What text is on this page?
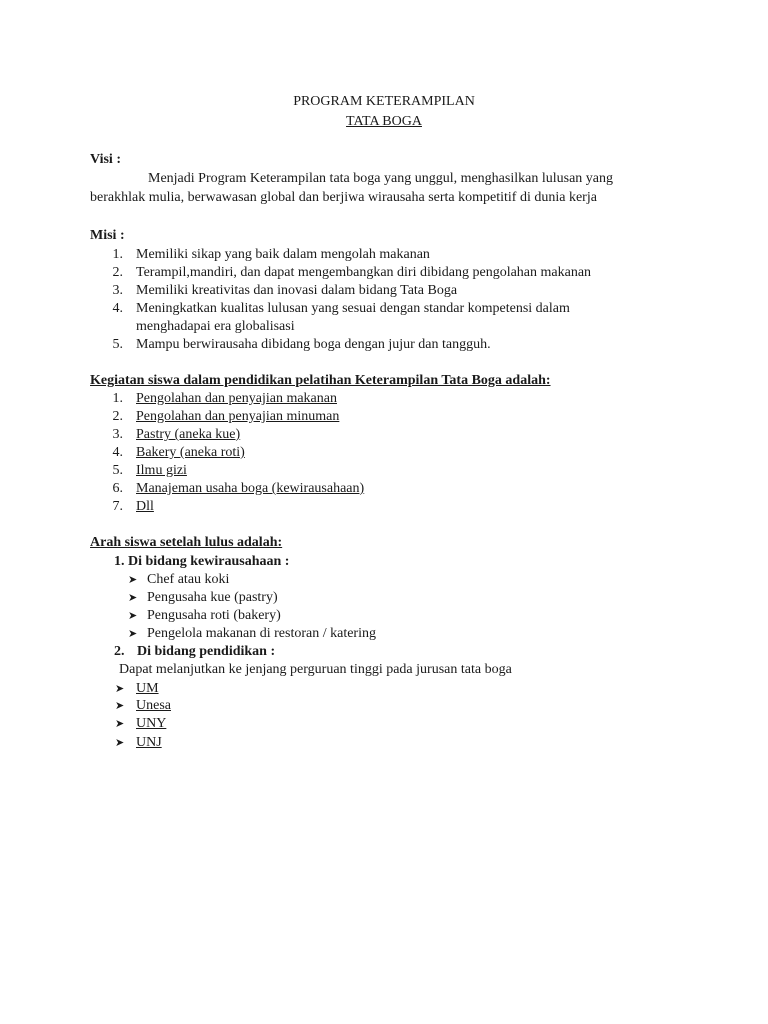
PROGRAM KETERAMPILAN
TATA BOGA
Visi :
Menjadi Program Keterampilan tata boga yang unggul, menghasilkan lulusan yang
berakhlak mulia, berwawasan global dan berjiwa wirausaha serta kompetitif di dunia kerja
Misi :
1. Memiliki sikap yang baik dalam mengolah makanan
2. Terampil,mandiri, dan dapat mengembangkan diri dibidang pengolahan makanan
3. Memiliki kreativitas dan inovasi dalam bidang Tata Boga
4. Meningkatkan kualitas lulusan yang sesuai dengan standar kompetensi dalam
menghadapai era globalisasi
5. Mampu berwirausaha dibidang boga dengan jujur dan tangguh.
Kegiatan siswa dalam pendidikan pelatihan Keterampilan Tata Boga adalah:
1. Pengolahan dan penyajian makanan
2. Pengolahan dan penyajian minuman
3. Pastry (aneka kue)
4. Bakery (aneka roti)
5. Ilmu gizi
6. Manajeman usaha boga (kewirausahaan)
7. Dll
Arah siswa setelah lulus adalah:
1. Di bidang kewirausahaan :
➤ Chef atau koki
➤ Pengusaha kue (pastry)
➤ Pengusaha roti (bakery)
➤ Pengelola makanan di restoran / katering
2. Di bidang pendidikan :
Dapat melanjutkan ke jenjang perguruan tinggi pada jurusan tata boga
➤ UM
➤ Unesa
➤ UNY
➤ UNJ
